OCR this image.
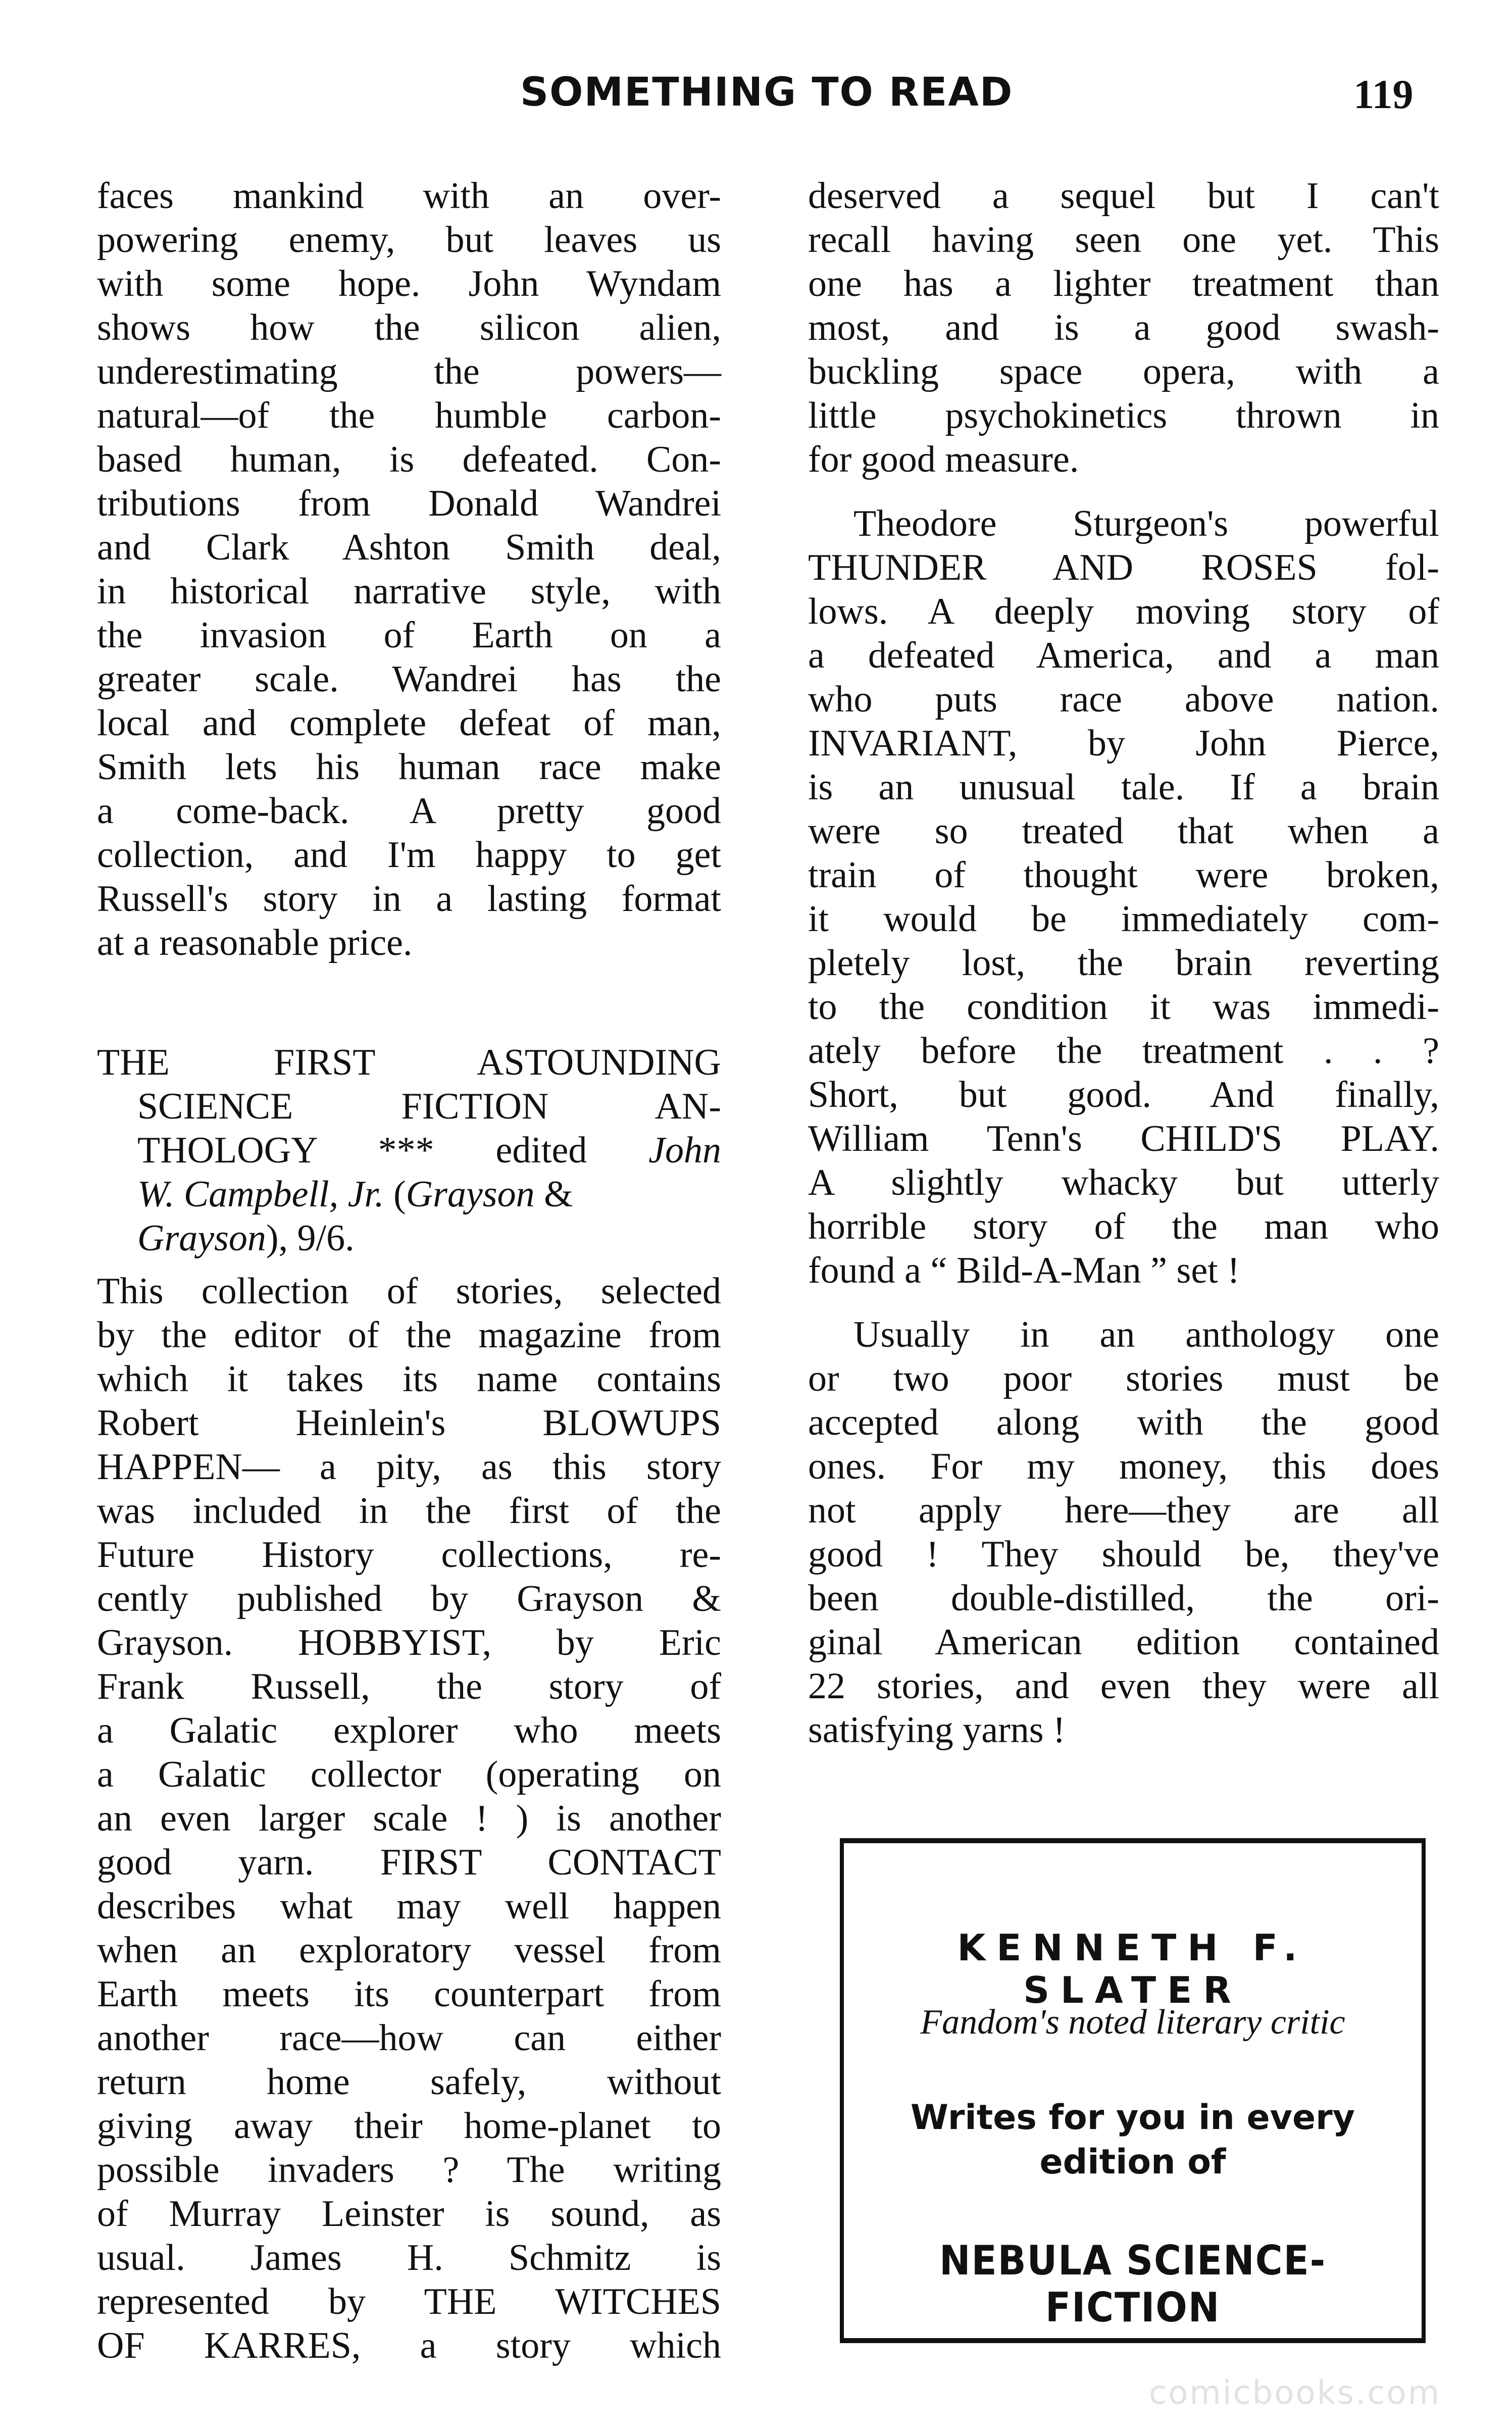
SOMETHING TO READ	119
faces mankind with an over-
powering enemy, but leaves us
with some hope. John Wyndam
shows how the silicon alien,
underestimating the powers—
natural—of the humble carbon-
based human, is defeated. Con-
tributions from Donald Wandrei
and Clark Ashton Smith deal,
in historical narrative style, with
the invasion of Earth on a
greater scale. Wandrei has the
local and complete defeat of man,
Smith lets his human race make
a come-back. A pretty good
collection, and I'm happy to get
Russell's story in a lasting format
at a reasonable price.
THE FIRST ASTOUNDING
SCIENCE FICTION AN-
THOLOGY *** edited John
W. Campbell, Jr. (Grayson &
Grayson), 9/6.
This collection of stories, selected
by the editor of the magazine from
which it takes its name contains
Robert Heinlein's BLOWUPS
HAPPEN— a pity, as this story
was included in the first of the
Future History collections, re-
cently published by Grayson &
Grayson. HOBBYIST, by Eric
Frank Russell, the story of
a Galatic explorer who meets
a Galatic collector (operating on
an even larger scale ! ) is another
good yarn. FIRST CONTACT
describes what may well happen
when an exploratory vessel from
Earth meets its counterpart from
another race—how can either
return home safely, without
giving away their home-planet to
possible invaders ? The writing
of Murray Leinster is sound, as
usual. James H. Schmitz is
represented by THE WITCHES
OF KARRES, a story which
deserved a sequel but I can't
recall having seen one yet. This
one has a lighter treatment than
most, and is a good swash-
buckling space opera, with a
little psychokinetics thrown in
for good measure.
Theodore Sturgeon's powerful
THUNDER AND ROSES fol-
lows. A deeply moving story of
a defeated America, and a man
who puts race above nation.
INVARIANT, by John Pierce,
is an unusual tale. If a brain
were so treated that when a
train of thought were broken,
it would be immediately com-
pletely lost, the brain reverting
to the condition it was immedi-
ately before the treatment . . ?
Short, but good. And finally,
William Tenn's CHILD'S PLAY.
A slightly whacky but utterly
horrible story of the man who
found a “ Bild-A-Man ” set !
Usually in an anthology one
or two poor stories must be
accepted along with the good
ones. For my money, this does
not apply here—they are all
good ! They should be, they've
been double-distilled, the ori-
ginal American edition contained
22 stories, and even they were all
satisfying yarns !
KENNETH F. SLATER
Fandom's noted literary critic
Writes for you in every
edition of
NEBULA SCIENCE-FICTION
comicbooks.com
